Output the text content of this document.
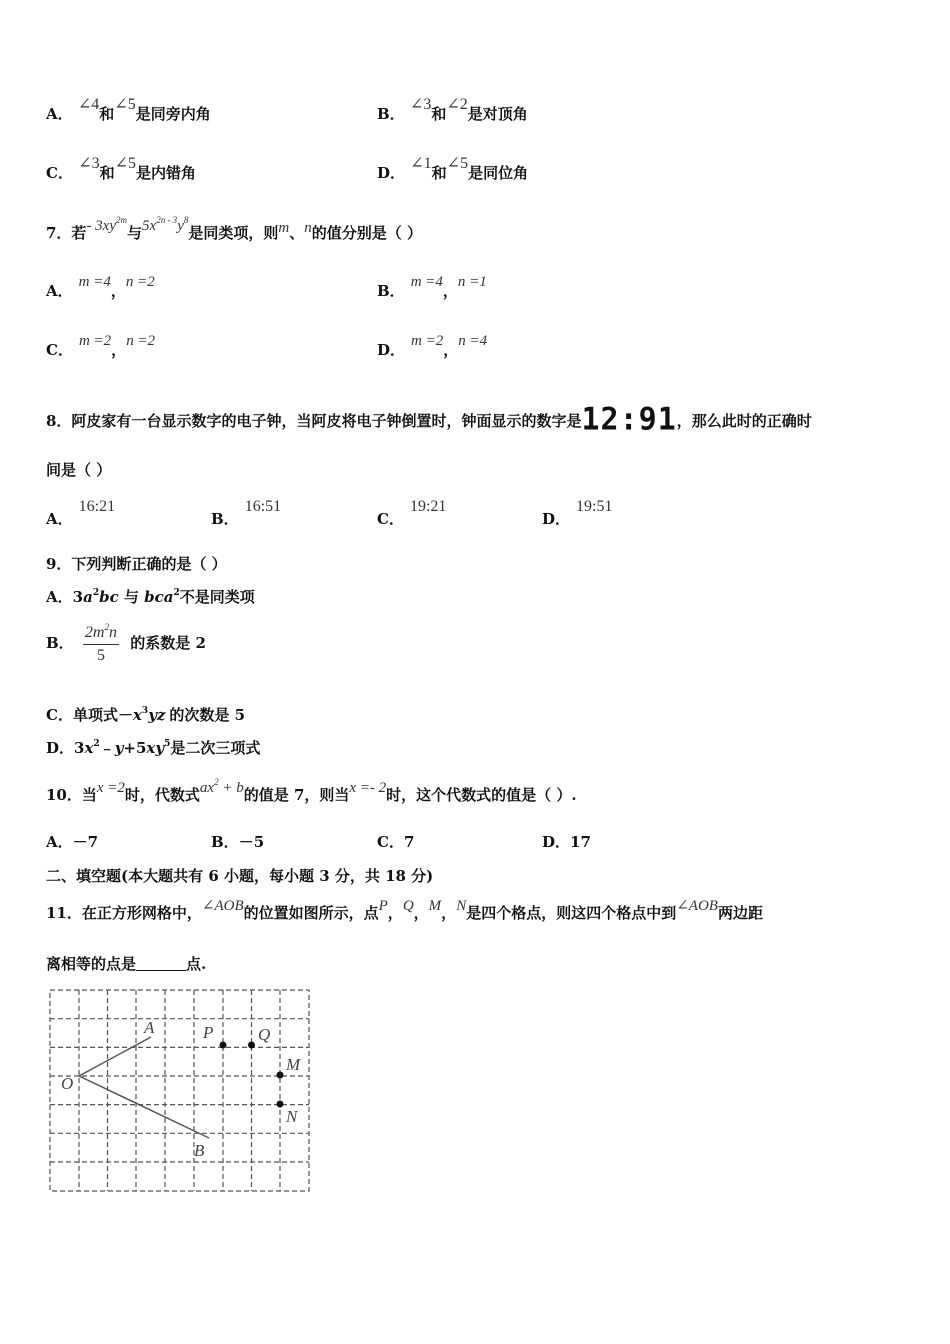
A． ∠4和∠5是同旁内角	B． ∠3和∠2是对顶角
C． ∠3和∠5是内错角	D． ∠1和∠5是同位角
7．若- $3xy^{2m}$与$5x^{2n - 3}y^8$是同类项，则m、n的值分别是（ ）
A． m =4，n =2	B． m =4，n =1
C． m =2，n =2	D． m =2，n =4
8．阿皮家有一台显示数字的电子钟，当阿皮将电子钟倒置时，钟面显示的数字是12:91，那么此时的正确时
间是（ ）
A．16:21
B．16:51
C．19:21
D．19:51
9．下列判断正确的是（ ）
A．$3a^2bc$ 与 bca$^2$不是同类项
B． $\frac{2m^2n}{5}$ 的系数是 2
C．单项式$-x^3yz$ 的次数是 5
D．$3x^2﹣y+5xy^5$是二次三项式
10．当x =2时，代数式$ax^2 + b$的值是 7，则当x =- 2时，这个代数式的值是（ ）.
A．－7	B．－5	C．7	D．17
二、填空题(本大题共有 6 小题，每小题 3 分，共 18 分)
11．在正方形网格中，∠AOB的位置如图所示，点P，Q，M，N是四个格点，则这四个格点中到∠AOB两边距
离相等的点是	点.
O
A
B
P	Q
M
N
